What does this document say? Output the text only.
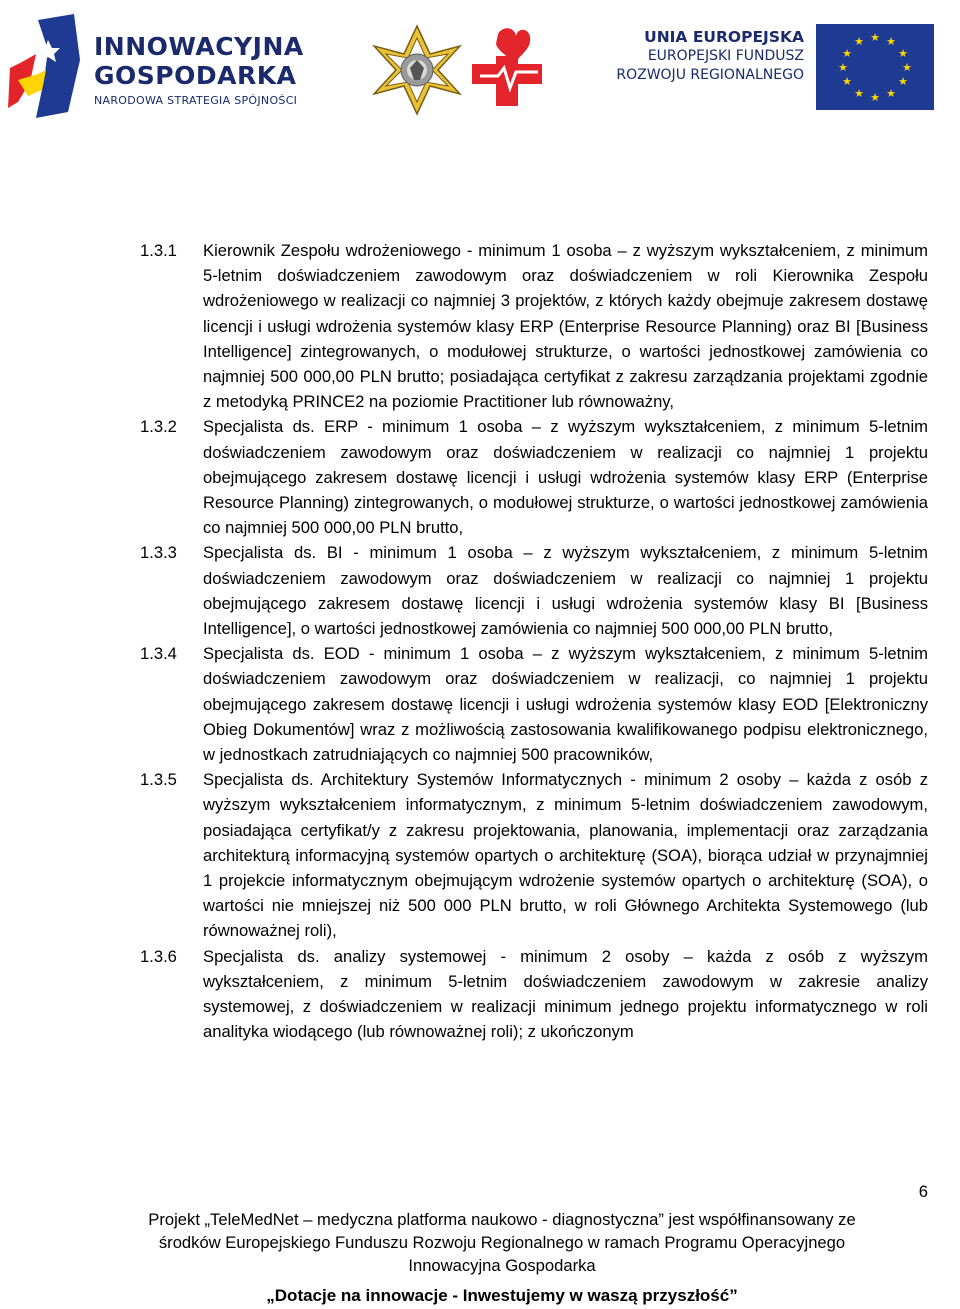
INNOWACYJNA
GOSPODARKA
NARODOWA STRATEGIA SPÓJNOŚCI
UNIA EUROPEJSKA
EUROPEJSKI FUNDUSZ
ROZWOJU REGIONALNEGO
★ ★
★
★
★
★
★
★
★
★
★
★
1.3.1 Kierownik Zespołu wdrożeniowego - minimum 1 osoba – z wyższym wykształceniem, z minimum 5-letnim doświadczeniem zawodowym oraz doświadczeniem w roli Kierownika Zespołu wdrożeniowego w realizacji co najmniej 3 projektów, z których każdy obejmuje zakresem dostawę licencji i usługi wdrożenia systemów klasy ERP (Enterprise Resource Planning) oraz BI [Business Intelligence] zintegrowanych, o modułowej strukturze, o wartości jednostkowej zamówienia co najmniej 500 000,00 PLN brutto; posiadająca certyfikat z zakresu zarządzania projektami zgodnie z metodyką PRINCE2 na poziomie Practitioner lub równoważny,
1.3.2 Specjalista ds. ERP - minimum 1 osoba – z wyższym wykształceniem, z minimum 5-letnim doświadczeniem zawodowym oraz doświadczeniem w realizacji co najmniej 1 projektu obejmującego zakresem dostawę licencji i usługi wdrożenia systemów klasy ERP (Enterprise Resource Planning) zintegrowanych, o modułowej strukturze, o wartości jednostkowej zamówienia co najmniej 500 000,00 PLN brutto,
1.3.3 Specjalista ds. BI - minimum 1 osoba – z wyższym wykształceniem, z minimum 5-letnim doświadczeniem zawodowym oraz doświadczeniem w realizacji co najmniej 1 projektu obejmującego zakresem dostawę licencji i usługi wdrożenia systemów klasy BI [Business Intelligence], o wartości jednostkowej zamówienia co najmniej 500 000,00 PLN brutto,
1.3.4 Specjalista ds. EOD - minimum 1 osoba – z wyższym wykształceniem, z minimum 5-letnim doświadczeniem zawodowym oraz doświadczeniem w realizacji, co najmniej 1 projektu obejmującego zakresem dostawę licencji i usługi wdrożenia systemów klasy EOD [Elektroniczny Obieg Dokumentów] wraz z możliwością zastosowania kwalifikowanego podpisu elektronicznego, w jednostkach zatrudniających co najmniej 500 pracowników,
1.3.5 Specjalista ds. Architektury Systemów Informatycznych - minimum 2 osoby – każda z osób z wyższym wykształceniem informatycznym, z minimum 5-letnim doświadczeniem zawodowym, posiadająca certyfikat/y z zakresu projektowania, planowania, implementacji oraz zarządzania architekturą informacyjną systemów opartych o architekturę (SOA), biorąca udział w przynajmniej 1 projekcie informatycznym obejmującym wdrożenie systemów opartych o architekturę (SOA), o wartości nie mniejszej niż 500 000 PLN brutto, w roli Głównego Architekta Systemowego (lub równoważnej roli),
1.3.6 Specjalista ds. analizy systemowej - minimum 2 osoby – każda z osób z wyższym wykształceniem, z minimum 5-letnim doświadczeniem zawodowym w zakresie analizy systemowej, z doświadczeniem w realizacji minimum jednego projektu informatycznego w roli analityka wiodącego (lub równoważnej roli); z ukończonym
6
Projekt „TeleMedNet – medyczna platforma naukowo - diagnostyczna” jest współfinansowany ze
środków Europejskiego Funduszu Rozwoju Regionalnego w ramach Programu Operacyjnego
Innowacyjna Gospodarka
„Dotacje na innowacje - Inwestujemy w waszą przyszłość”
